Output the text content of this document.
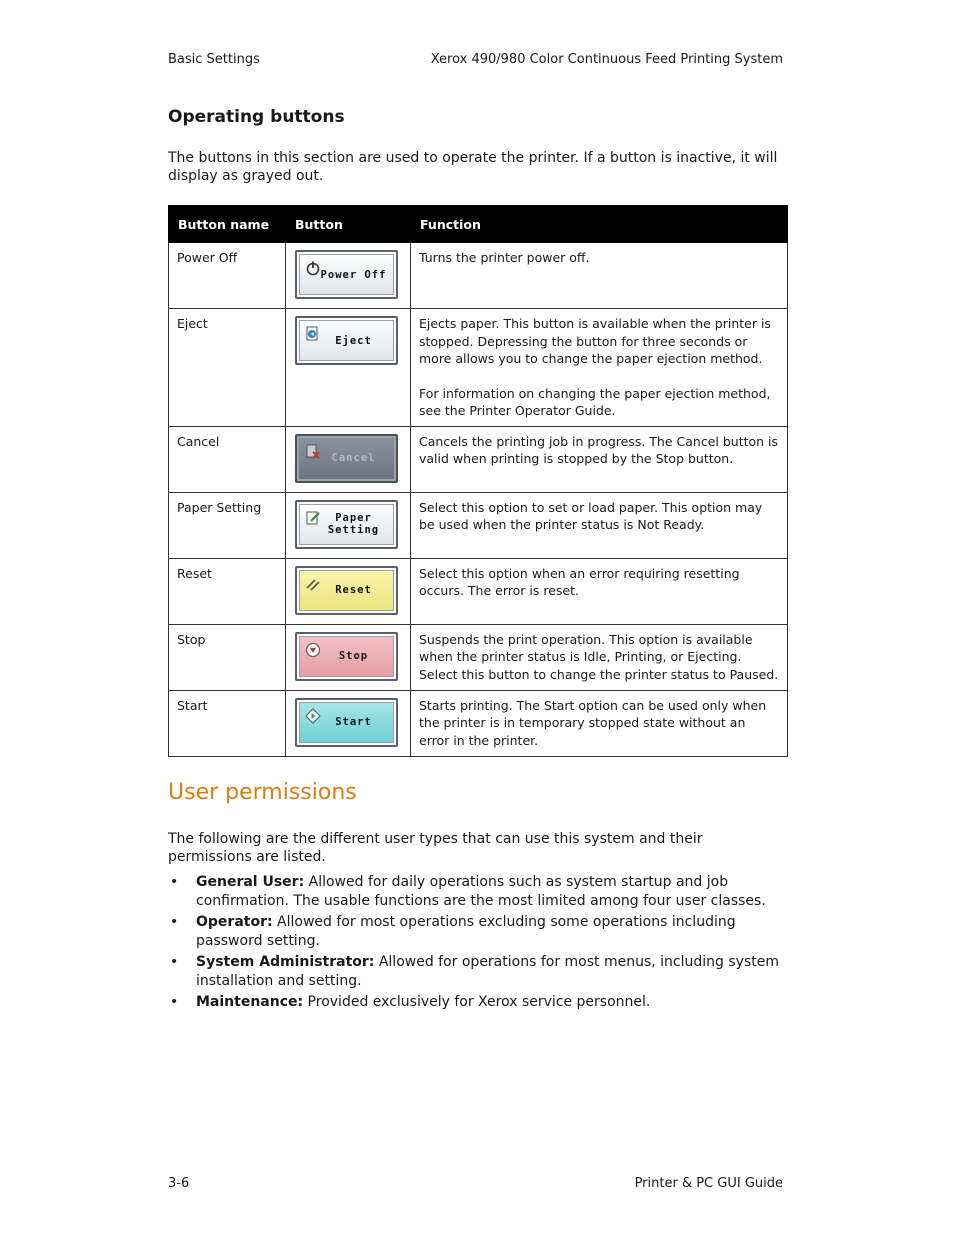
Basic Settings	Xerox 490/980 Color Continuous Feed Printing System
Operating buttons
The buttons in this section are used to operate the printer. If a button is inactive, it will display as grayed out.
Button name	Button	Function
Power Off	Power Off	Turns the printer power off.

Eject	Eject	Ejects paper. This button is available when the printer is stopped. Depressing the button for three seconds or more allows you to change the paper ejection method.
For information on changing the paper ejection method, see the Printer Operator Guide.

Cancel	Cancel	Cancels the printing job in progress. The Cancel button is valid when printing is stopped by the Stop button.

Paper Setting	Paper Setting	Select this option to set or load paper. This option may be used when the printer status is Not Ready.

Reset	Reset	Select this option when an error requiring resetting occurs. The error is reset.

Stop	Stop	Suspends the print operation. This option is available when the printer status is Idle, Printing, or Ejecting.
Select this button to change the printer status to Paused.

Start	Start	Starts printing. The Start option can be used only when the printer is in temporary stopped state without an error in the printer.
User permissions
The following are the different user types that can use this system and their permissions are listed.
• General User: Allowed for daily operations such as system startup and job confirmation. The usable functions are the most limited among four user classes.
• Operator: Allowed for most operations excluding some operations including password setting.
• System Administrator: Allowed for operations for most menus, including system installation and setting.
• Maintenance: Provided exclusively for Xerox service personnel.
3-6	Printer & PC GUI Guide
